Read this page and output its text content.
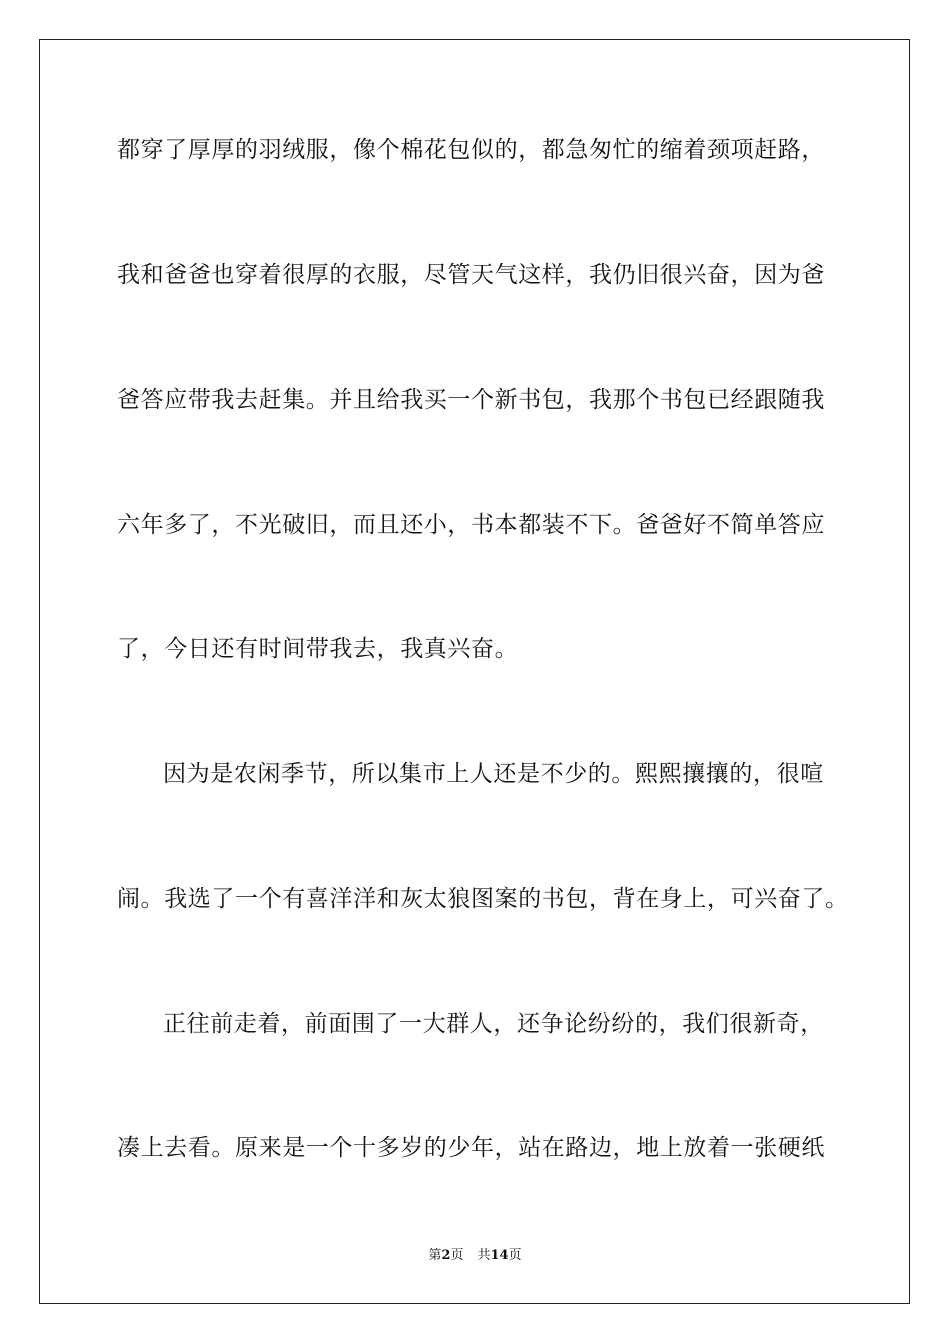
都穿了厚厚的羽绒服，像个棉花包似的，都急匆忙的缩着颈项赶路，
我和爸爸也穿着很厚的衣服，尽管天气这样，我仍旧很兴奋，因为爸
爸答应带我去赶集。并且给我买一个新书包，我那个书包已经跟随我
六年多了，不光破旧，而且还小，书本都装不下。爸爸好不简单答应
了，今日还有时间带我去，我真兴奋。
因为是农闲季节，所以集市上人还是不少的。熙熙攘攘的，很喧
闹。我选了一个有喜洋洋和灰太狼图案的书包，背在身上，可兴奋了。
正往前走着，前面围了一大群人，还争论纷纷的，我们很新奇，
凑上去看。原来是一个十多岁的少年，站在路边，地上放着一张硬纸
第2页 共14页
